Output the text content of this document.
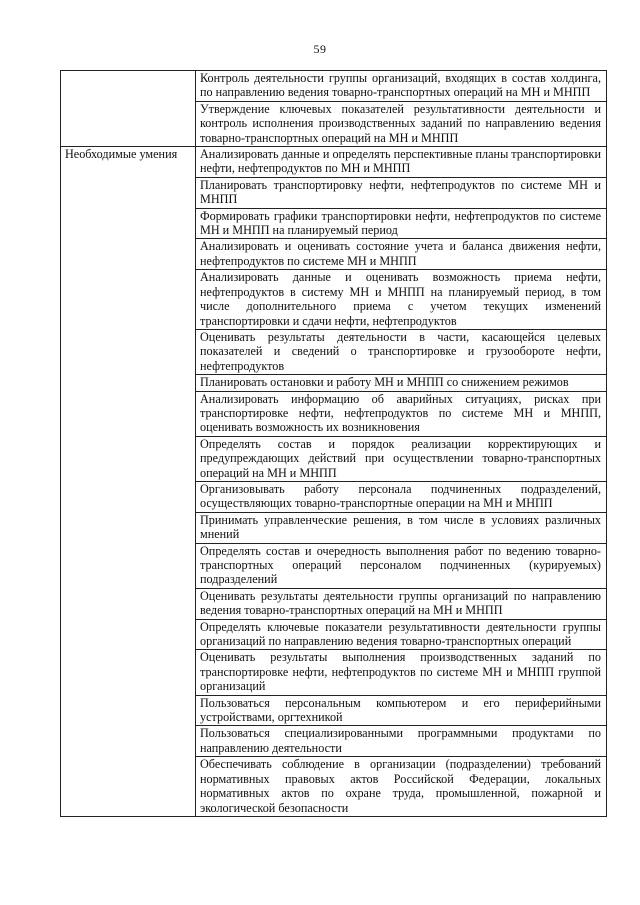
59
	Контроль деятельности группы организаций, входящих в состав холдинга, по направлению ведения товарно-транспортных операций на МН и МНПП
	Утверждение ключевых показателей результативности деятельности и контроль исполнения производственных заданий по направлению ведения товарно-транспортных операций на МН и МНПП
Необходимые умения	Анализировать данные и определять перспективные планы транспортировки нефти, нефтепродуктов по МН и МНПП
	Планировать транспортировку нефти, нефтепродуктов по системе МН и МНПП
	Формировать графики транспортировки нефти, нефтепродуктов по системе МН и МНПП на планируемый период
	Анализировать и оценивать состояние учета и баланса движения нефти, нефтепродуктов по системе МН и МНПП
	Анализировать данные и оценивать возможность приема нефти, нефтепродуктов в систему МН и МНПП на планируемый период, в том числе дополнительного приема с учетом текущих изменений транспортировки и сдачи нефти, нефтепродуктов
	Оценивать результаты деятельности в части, касающейся целевых показателей и сведений о транспортировке и грузообороте нефти, нефтепродуктов
	Планировать остановки и работу МН и МНПП со снижением режимов
	Анализировать информацию об аварийных ситуациях, рисках при транспортировке нефти, нефтепродуктов по системе МН и МНПП, оценивать возможность их возникновения
	Определять состав и порядок реализации корректирующих и предупреждающих действий при осуществлении товарно-транспортных операций на МН и МНПП
	Организовывать работу персонала подчиненных подразделений, осуществляющих товарно-транспортные операции на МН и МНПП
	Принимать управленческие решения, в том числе в условиях различных мнений
	Определять состав и очередность выполнения работ по ведению товарно-транспортных операций персоналом подчиненных (курируемых) подразделений
	Оценивать результаты деятельности группы организаций по направлению ведения товарно-транспортных операций на МН и МНПП
	Определять ключевые показатели результативности деятельности группы организаций по направлению ведения товарно-транспортных операций
	Оценивать результаты выполнения производственных заданий по транспортировке нефти, нефтепродуктов по системе МН и МНПП группой организаций
	Пользоваться персональным компьютером и его периферийными устройствами, оргтехникой
	Пользоваться специализированными программными продуктами по направлению деятельности
	Обеспечивать соблюдение в организации (подразделении) требований нормативных правовых актов Российской Федерации, локальных нормативных актов по охране труда, промышленной, пожарной и экологической безопасности
